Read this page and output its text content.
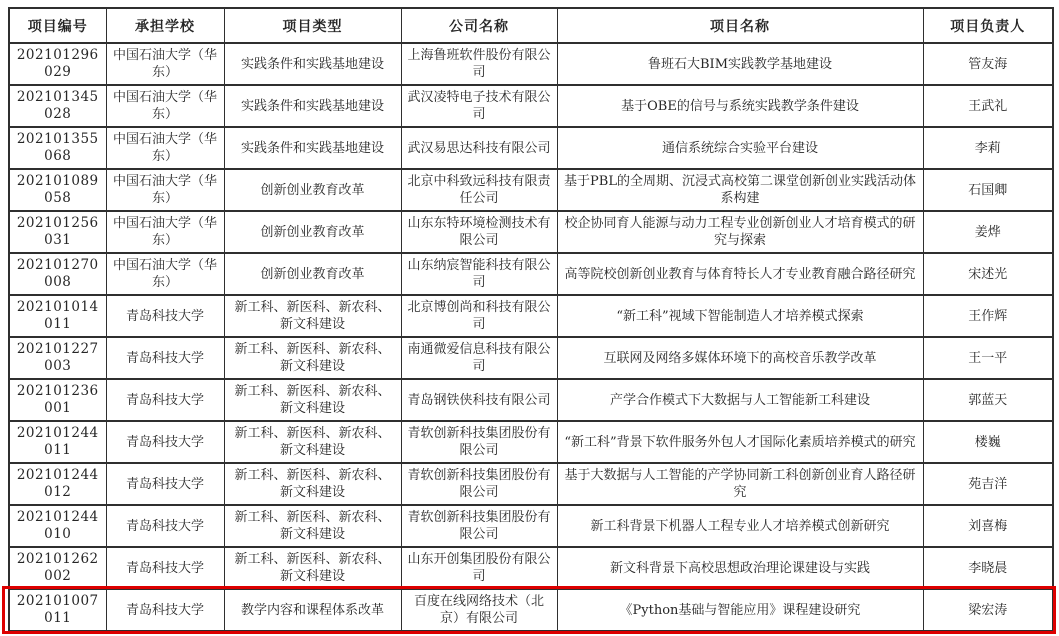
项目编号	承担学校	项目类型	公司名称	项目名称	项目负责人
202101296029	中国石油大学（华东）	实践条件和实践基地建设	上海鲁班软件股份有限公司	鲁班石大BIM实践教学基地建设	管友海
202101345028	中国石油大学（华东）	实践条件和实践基地建设	武汉凌特电子技术有限公司	基于OBE的信号与系统实践教学条件建设	王武礼
202101355068	中国石油大学（华东）	实践条件和实践基地建设	武汉易思达科技有限公司	通信系统综合实验平台建设	李莉
202101089058	中国石油大学（华东）	创新创业教育改革	北京中科致远科技有限责任公司	基于PBL的全周期、沉浸式高校第二课堂创新创业实践活动体系构建	石国卿
202101256031	中国石油大学（华东）	创新创业教育改革	山东东特环境检测技术有限公司	校企协同育人能源与动力工程专业创新创业人才培育模式的研究与探索	姜烨
202101270008	中国石油大学（华东）	创新创业教育改革	山东纳宸智能科技有限公司	高等院校创新创业教育与体育特长人才专业教育融合路径研究	宋述光
202101014011	青岛科技大学	新工科、新医科、新农科、新文科建设	北京博创尚和科技有限公司	“新工科”视域下智能制造人才培养模式探索	王作辉
202101227003	青岛科技大学	新工科、新医科、新农科、新文科建设	南通微爱信息科技有限公司	互联网及网络多媒体环境下的高校音乐教学改革	王一平
202101236001	青岛科技大学	新工科、新医科、新农科、新文科建设	青岛钢铁侠科技有限公司	产学合作模式下大数据与人工智能新工科建设	郭蓝天
202101244011	青岛科技大学	新工科、新医科、新农科、新文科建设	青软创新科技集团股份有限公司	“新工科”背景下软件服务外包人才国际化素质培养模式的研究	楼巍
202101244012	青岛科技大学	新工科、新医科、新农科、新文科建设	青软创新科技集团股份有限公司	基于大数据与人工智能的产学协同新工科创新创业育人路径研究	苑吉洋
202101244010	青岛科技大学	新工科、新医科、新农科、新文科建设	青软创新科技集团股份有限公司	新工科背景下机器人工程专业人才培养模式创新研究	刘喜梅
202101262002	青岛科技大学	新工科、新医科、新农科、新文科建设	山东开创集团股份有限公司	新文科背景下高校思想政治理论课建设与实践	李晓晨
202101007011	青岛科技大学	教学内容和课程体系改革	百度在线网络技术（北京）有限公司	《Python基础与智能应用》课程建设研究	梁宏涛
